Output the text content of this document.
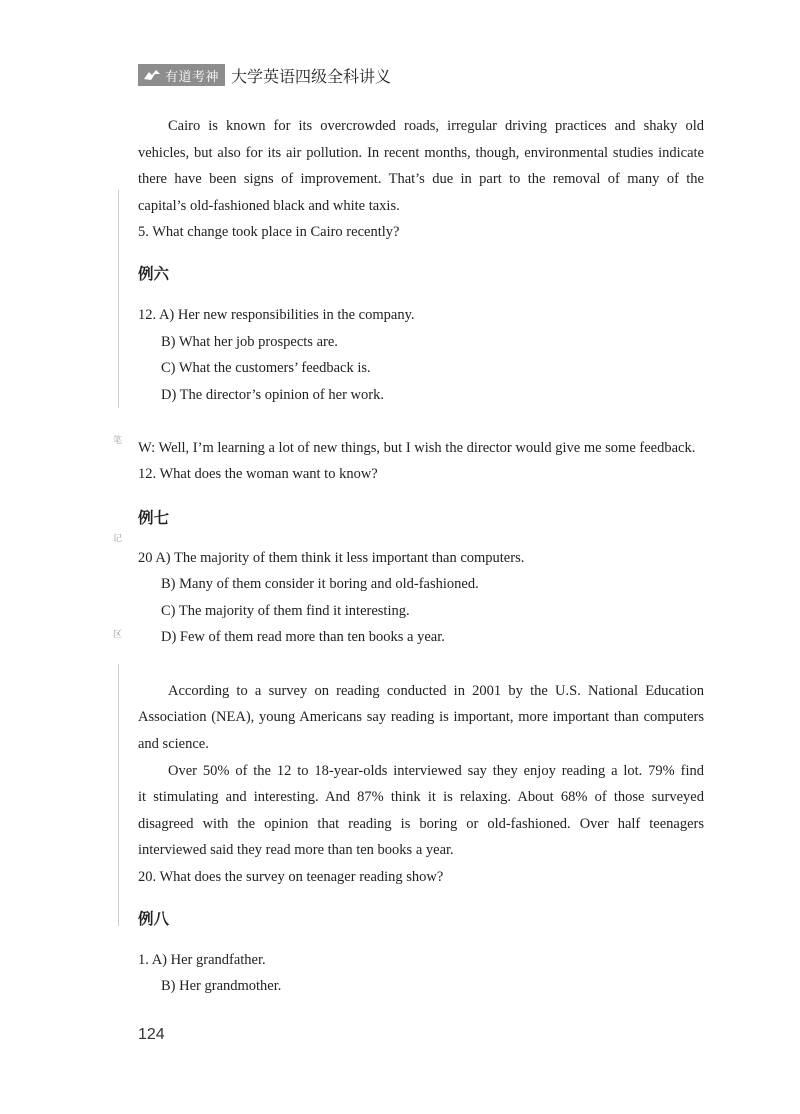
有道考神 大学英语四级全科讲义
笔
记
区
Cairo is known for its overcrowded roads, irregular driving practices and shaky old
vehicles, but also for its air pollution. In recent months, though, environmental studies indicate
there have been signs of improvement. That’s due in part to the removal of many of the
capital’s old-fashioned black and white taxis.
5. What change took place in Cairo recently?
例六
12. A) Her new responsibilities in the company.
B) What her job prospects are.
C) What the customers’ feedback is.
D) The director’s opinion of her work.
W: Well, I’m learning a lot of new things, but I wish the director would give me some feedback.
12. What does the woman want to know?
例七
20 A) The majority of them think it less important than computers.
B) Many of them consider it boring and old-fashioned.
C) The majority of them find it interesting.
D) Few of them read more than ten books a year.
According to a survey on reading conducted in 2001 by the U.S. National Education
Association (NEA), young Americans say reading is important, more important than computers
and science.
Over 50% of the 12 to 18-year-olds interviewed say they enjoy reading a lot. 79% find
it stimulating and interesting. And 87% think it is relaxing. About 68% of those surveyed
disagreed with the opinion that reading is boring or old-fashioned. Over half teenagers
interviewed said they read more than ten books a year.
20. What does the survey on teenager reading show?
例八
1. A) Her grandfather.
B) Her grandmother.
124
